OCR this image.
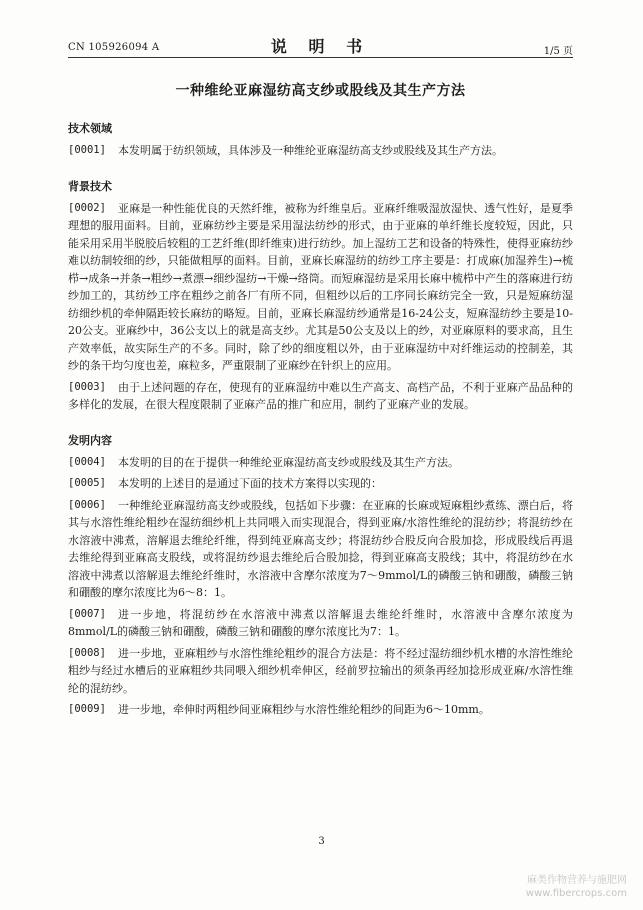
CN 105926094 A	说 明 书	1/5 页
一种维纶亚麻湿纺高支纱或股线及其生产方法
技术领域
[0001] 本发明属于纺织领域，具体涉及一种维纶亚麻湿纺高支纱或股线及其生产方法。
背景技术
[0002] 亚麻是一种性能优良的天然纤维，被称为纤维皇后。亚麻纤维吸湿放湿快、透气性好，是夏季理想的服用面料。目前，亚麻纺纱主要是采用湿法纺纱的形式，由于亚麻的单纤维长度较短，因此，只能采用采用半脱胶后较粗的工艺纤维(即纤维束)进行纺纱。加上湿纺工艺和设备的特殊性，使得亚麻纺纱难以纺制较细的纱，只能做粗厚的面料。目前，亚麻长麻湿纺的纺纱工序主要是：打成麻(加湿养生)→梳栉→成条→并条→粗纱→煮漂→细纱湿纺→干燥→络筒。而短麻湿纺是采用长麻中梳栉中产生的落麻进行纺纱加工的，其纺纱工序在粗纱之前各厂有所不同，但粗纱以后的工序同长麻纺完全一致，只是短麻纺湿纺细纱机的牵伸隔距较长麻纺的略短。目前，亚麻长麻湿纺纱通常是16-24公支，短麻湿纺纱主要是10-20公支。亚麻纱中，36公支以上的就是高支纱。尤其是50公支及以上的纱，对亚麻原料的要求高，且生产效率低，故实际生产的不多。同时，除了纱的细度粗以外，由于亚麻湿纺中对纤维运动的控制差，其纱的条干均匀度也差，麻粒多，严重限制了亚麻纱在针织上的应用。
[0003] 由于上述问题的存在，使现有的亚麻湿纺中难以生产高支、高档产品，不利于亚麻产品品种的多样化的发展，在很大程度限制了亚麻产品的推广和应用，制约了亚麻产业的发展。
发明内容
[0004] 本发明的目的在于提供一种维纶亚麻湿纺高支纱或股线及其生产方法。
[0005] 本发明的上述目的是通过下面的技术方案得以实现的：
[0006] 一种维纶亚麻湿纺高支纱或股线，包括如下步骤：在亚麻的长麻或短麻粗纱煮练、漂白后，将其与水溶性维纶粗纱在湿纺细纱机上共同喂入而实现混合，得到亚麻/水溶性维纶的混纺纱；将混纺纱在水溶液中沸煮，溶解退去维纶纤维，得到纯亚麻高支纱；将混纺纱合股反向合股加捻，形成股线后再退去维纶得到亚麻高支股线，或将混纺纱退去维纶后合股加捻，得到亚麻高支股线；其中，将混纺纱在水溶液中沸煮以溶解退去维纶纤维时，水溶液中含摩尔浓度为7～9mmol/L的磷酸三钠和硼酸，磷酸三钠和硼酸的摩尔浓度比为6～8：1。
[0007] 进一步地，将混纺纱在水溶液中沸煮以溶解退去维纶纤维时，水溶液中含摩尔浓度为8mmol/L的磷酸三钠和硼酸，磷酸三钠和硼酸的摩尔浓度比为7：1。
[0008] 进一步地，亚麻粗纱与水溶性维纶粗纱的混合方法是：将不经过湿纺细纱机水槽的水溶性维纶粗纱与经过水槽后的亚麻粗纱共同喂入细纱机牵伸区，经前罗拉输出的须条再经加捻形成亚麻/水溶性维纶的混纺纱。
[0009] 进一步地，牵伸时两粗纱间亚麻粗纱与水溶性维纶粗纱的间距为6～10mm。
3
麻类作物营养与施肥网
www.fibercrops.com
